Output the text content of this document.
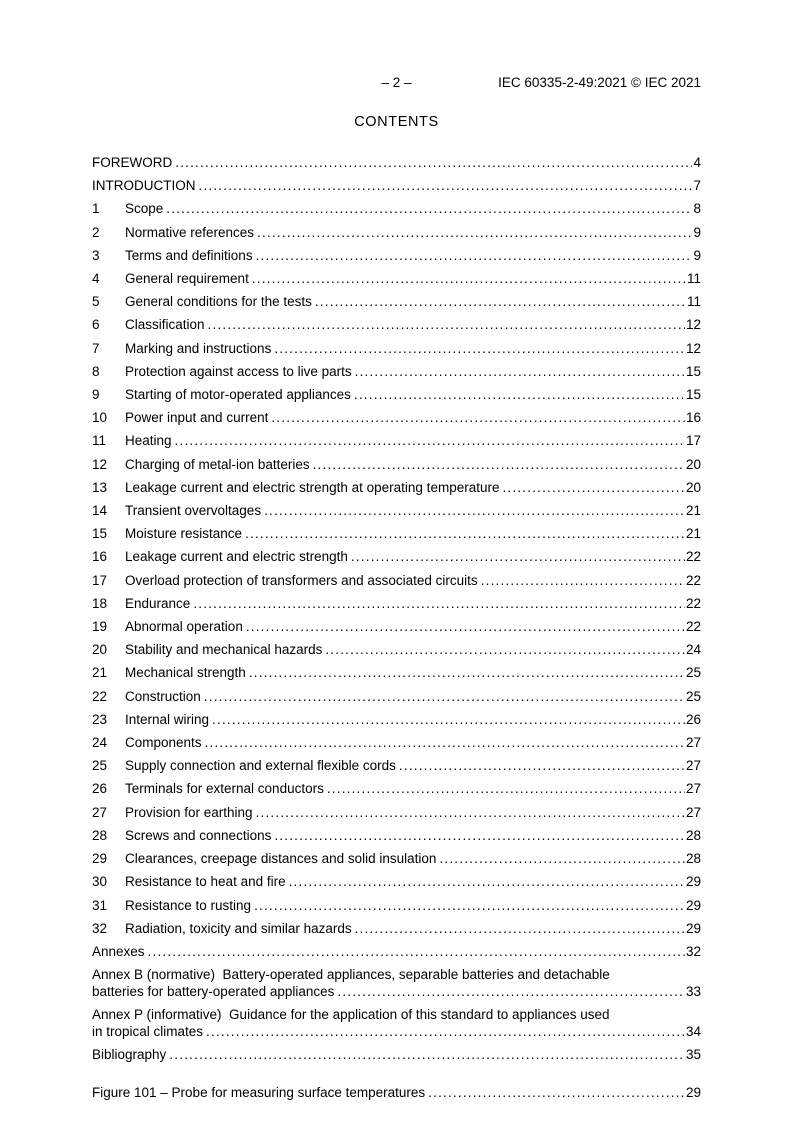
– 2 –	IEC 60335-2-49:2021 © IEC 2021
CONTENTS
FOREWORD .....	4
INTRODUCTION .....	7
1	Scope .....	8
2	Normative references .....	9
3	Terms and definitions .....	9
4	General requirement .....	11
5	General conditions for the tests .....	11
6	Classification .....	12
7	Marking and instructions .....	12
8	Protection against access to live parts .....	15
9	Starting of motor-operated appliances .....	15
10	Power input and current .....	16
11	Heating .....	17
12	Charging of metal-ion batteries .....	20
13	Leakage current and electric strength at operating temperature .....	20
14	Transient overvoltages .....	21
15	Moisture resistance .....	21
16	Leakage current and electric strength .....	22
17	Overload protection of transformers and associated circuits .....	22
18	Endurance .....	22
19	Abnormal operation .....	22
20	Stability and mechanical hazards .....	24
21	Mechanical strength .....	25
22	Construction .....	25
23	Internal wiring .....	26
24	Components .....	27
25	Supply connection and external flexible cords .....	27
26	Terminals for external conductors .....	27
27	Provision for earthing .....	27
28	Screws and connections .....	28
29	Clearances, creepage distances and solid insulation .....	28
30	Resistance to heat and fire .....	29
31	Resistance to rusting .....	29
32	Radiation, toxicity and similar hazards .....	29
Annexes .....	32
Annex B (normative)  Battery-operated appliances, separable batteries and detachable
batteries for battery-operated appliances .....	33
Annex P (informative)  Guidance for the application of this standard to appliances used
in tropical climates .....	34
Bibliography .....	35
Figure 101 – Probe for measuring surface temperatures .....	29
